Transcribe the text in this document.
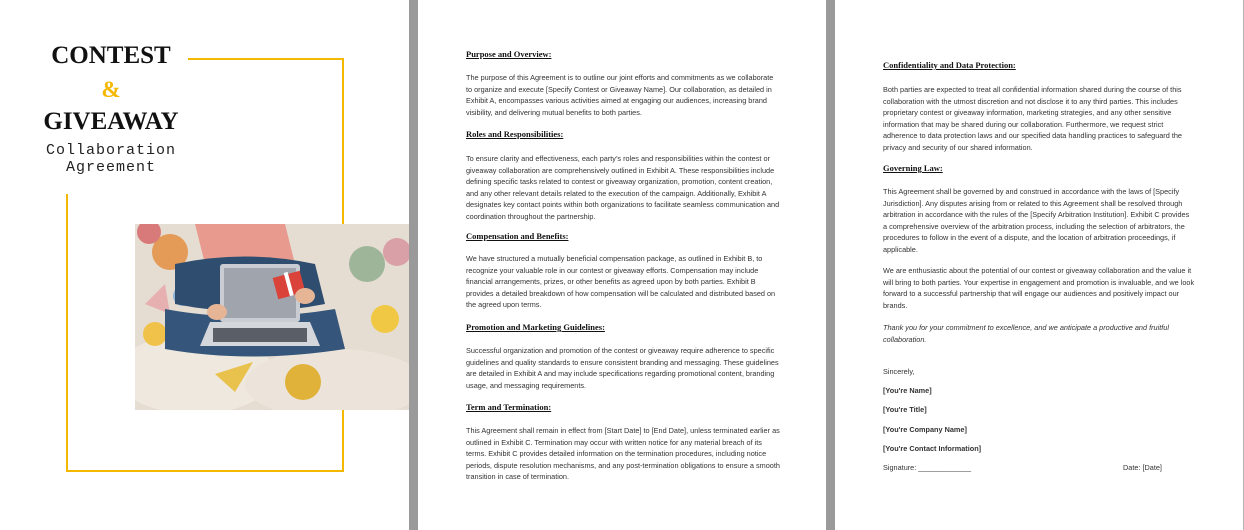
CONTEST
&
GIVEAWAY
Collaboration
Agreement
Purpose and Overview:

The purpose of this Agreement is to outline our joint efforts and commitments as we collaborate to organize and execute [Specify Contest or Giveaway Name]. Our collaboration, as detailed in Exhibit A, encompasses various activities aimed at engaging our audiences, increasing brand visibility, and delivering mutual benefits to both parties.

Roles and Responsibilities:

To ensure clarity and effectiveness, each party’s roles and responsibilities within the contest or giveaway collaboration are comprehensively outlined in Exhibit A. These responsibilities include defining specific tasks related to contest or giveaway organization, promotion, content creation, and any other relevant details related to the execution of the campaign. Additionally, Exhibit A designates key contact points within both organizations to facilitate seamless communication and coordination throughout the partnership.

Compensation and Benefits:

We have structured a mutually beneficial compensation package, as outlined in Exhibit B, to recognize your valuable role in our contest or giveaway efforts. Compensation may include financial arrangements, prizes, or other benefits as agreed upon by both parties. Exhibit B provides a detailed breakdown of how compensation will be calculated and distributed based on the agreed upon terms.

Promotion and Marketing Guidelines:

Successful organization and promotion of the contest or giveaway require adherence to specific guidelines and quality standards to ensure consistent branding and messaging. These guidelines are detailed in Exhibit A and may include specifications regarding promotional content, branding usage, and messaging requirements.

Term and Termination:

This Agreement shall remain in effect from [Start Date] to [End Date], unless terminated earlier as outlined in Exhibit C. Termination may occur with written notice for any material breach of its terms. Exhibit C provides detailed information on the termination procedures, including notice periods, dispute resolution mechanisms, and any post-termination obligations to ensure a smooth transition in case of termination.

Confidentiality and Data Protection:

Both parties are expected to treat all confidential information shared during the course of this collaboration with the utmost discretion and not disclose it to any third parties. This includes proprietary contest or giveaway information, marketing strategies, and any other sensitive information that may be shared during our collaboration. Furthermore, we request strict adherence to data protection laws and our specified data handling practices to safeguard the privacy and security of our shared information.

Governing Law:

This Agreement shall be governed by and construed in accordance with the laws of [Specify Jurisdiction]. Any disputes arising from or related to this Agreement shall be resolved through arbitration in accordance with the rules of the [Specify Arbitration Institution]. Exhibit C provides a comprehensive overview of the arbitration process, including the selection of arbitrators, the procedures to follow in the event of a dispute, and the location of arbitration proceedings, if applicable.

We are enthusiastic about the potential of our contest or giveaway collaboration and the value it will bring to both parties. Your expertise in engagement and promotion is invaluable, and we look forward to a successful partnership that will engage our audiences and positively impact our brands.

Thank you for your commitment to excellence, and we anticipate a productive and fruitful collaboration.

Sincerely,

[You're Name]

[You're Title]

[You're Company Name]

[You're Contact Information]

Signature: _____________	Date: [Date]
